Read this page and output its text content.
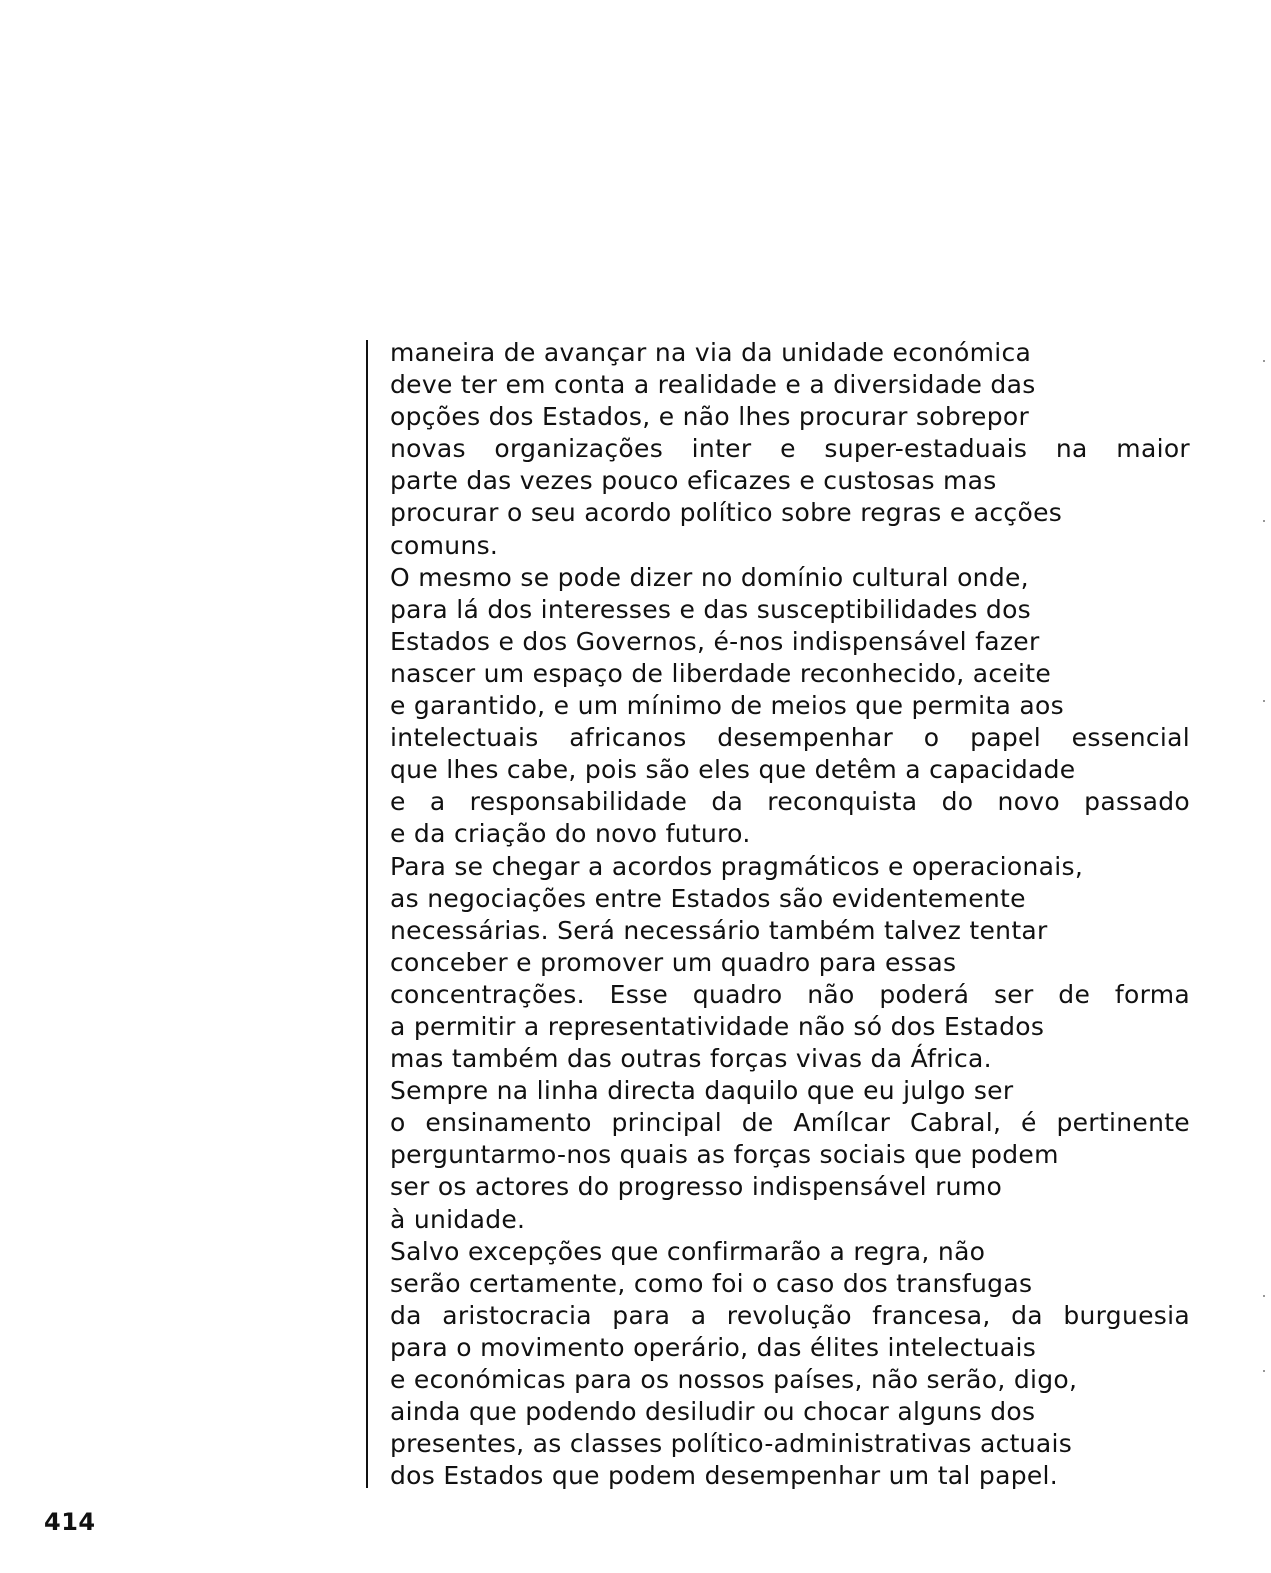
maneira de avançar na via da unidade económica
deve ter em conta a realidade e a diversidade das
opções dos Estados, e não lhes procurar sobrepor
novas organizações inter e super-estaduais na maior
parte das vezes pouco eficazes e custosas mas
procurar o seu acordo político sobre regras e acções
comuns.
O mesmo se pode dizer no domínio cultural onde,
para lá dos interesses e das susceptibilidades dos
Estados e dos Governos, é-nos indispensável fazer
nascer um espaço de liberdade reconhecido, aceite
e garantido, e um mínimo de meios que permita aos
intelectuais africanos desempenhar o papel essencial
que lhes cabe, pois são eles que detêm a capacidade
e a responsabilidade da reconquista do novo passado
e da criação do novo futuro.
Para se chegar a acordos pragmáticos e operacionais,
as negociações entre Estados são evidentemente
necessárias. Será necessário também talvez tentar
conceber e promover um quadro para essas
concentrações. Esse quadro não poderá ser de forma
a permitir a representatividade não só dos Estados
mas também das outras forças vivas da África.
Sempre na linha directa daquilo que eu julgo ser
o ensinamento principal de Amílcar Cabral, é pertinente
perguntarmo-nos quais as forças sociais que podem
ser os actores do progresso indispensável rumo
à unidade.
Salvo excepções que confirmarão a regra, não
serão certamente, como foi o caso dos transfugas
da aristocracia para a revolução francesa, da burguesia
para o movimento operário, das élites intelectuais
e económicas para os nossos países, não serão, digo,
ainda que podendo desiludir ou chocar alguns dos
presentes, as classes político-administrativas actuais
dos Estados que podem desempenhar um tal papel.
414
